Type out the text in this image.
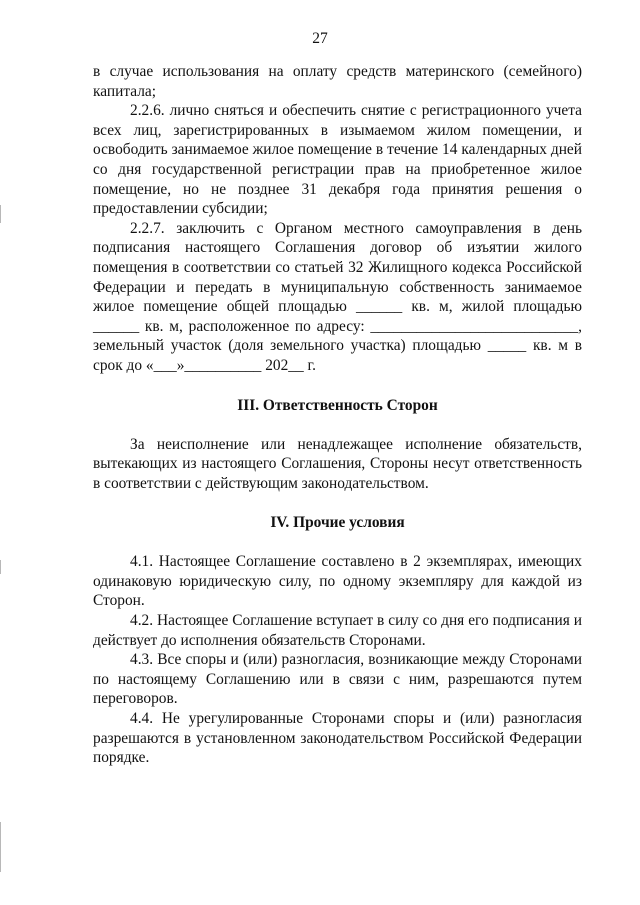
27

в случае использования на оплату средств материнского (семейного) капитала;

2.2.6. лично сняться и обеспечить снятие с регистрационного учета всех лиц, зарегистрированных в изымаемом жилом помещении, и освободить занимаемое жилое помещение в течение 14 календарных дней со дня государственной регистрации прав на приобретенное жилое помещение, но не позднее 31 декабря года принятия решения о предоставлении субсидии;

2.2.7. заключить с Органом местного самоуправления в день подписания настоящего Соглашения договор об изъятии жилого помещения в соответствии со статьей 32 Жилищного кодекса Российской Федерации и передать в муниципальную собственность занимаемое жилое помещение общей площадью ______ кв. м, жилой площадью ______ кв. м, расположенное по адресу: ___________________________, земельный участок (доля земельного участка) площадью _____ кв. м в срок до «___»__________ 202__ г.

III. Ответственность Сторон

За неисполнение или ненадлежащее исполнение обязательств, вытекающих из настоящего Соглашения, Стороны несут ответственность в соответствии с действующим законодательством.

IV. Прочие условия

4.1. Настоящее Соглашение составлено в 2 экземплярах, имеющих одинаковую юридическую силу, по одному экземпляру для каждой из Сторон.

4.2. Настоящее Соглашение вступает в силу со дня его подписания и действует до исполнения обязательств Сторонами.

4.3. Все споры и (или) разногласия, возникающие между Сторонами по настоящему Соглашению или в связи с ним, разрешаются путем переговоров.

4.4. Не урегулированные Сторонами споры и (или) разногласия разрешаются в установленном законодательством Российской Федерации порядке.
